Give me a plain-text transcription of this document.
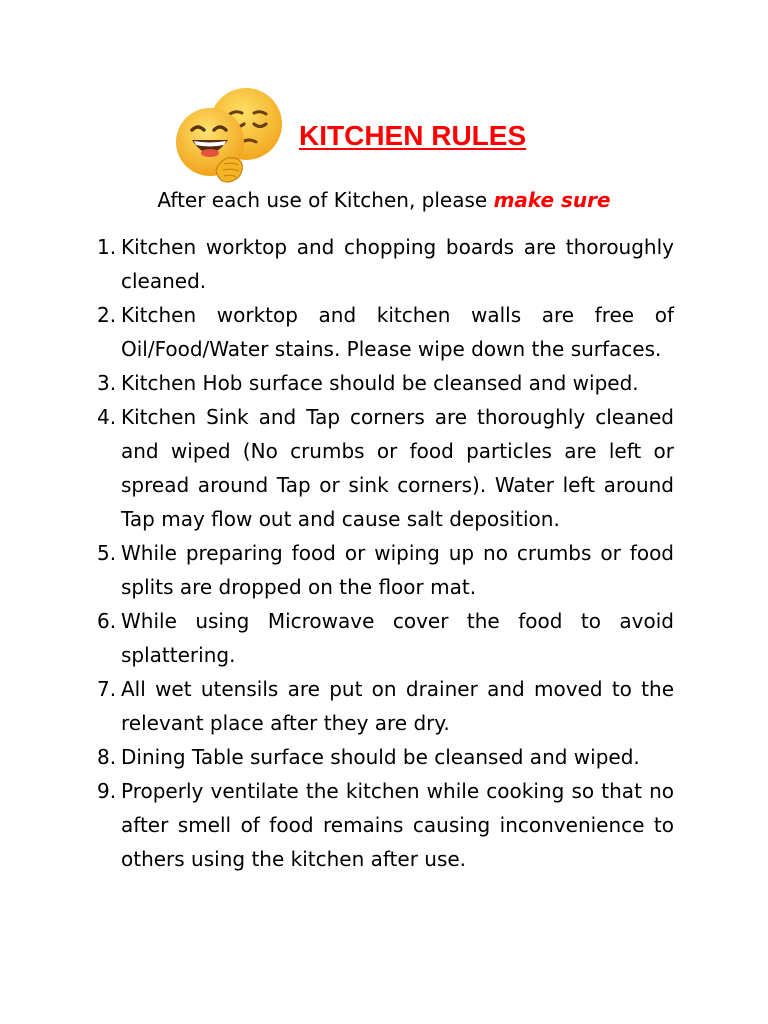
KITCHEN RULES
After each use of Kitchen, please make sure
1. Kitchen worktop and chopping boards are thoroughly cleaned.
2. Kitchen worktop and kitchen walls are free of Oil/Food/Water stains. Please wipe down the surfaces.
3. Kitchen Hob surface should be cleansed and wiped.
4. Kitchen Sink and Tap corners are thoroughly cleaned and wiped (No crumbs or food particles are left or spread around Tap or sink corners). Water left around Tap may flow out and cause salt deposition.
5. While preparing food or wiping up no crumbs or food splits are dropped on the floor mat.
6. While using Microwave cover the food to avoid splattering.
7. All wet utensils are put on drainer and moved to the relevant place after they are dry.
8. Dining Table surface should be cleansed and wiped.
9. Properly ventilate the kitchen while cooking so that no after smell of food remains causing inconvenience to others using the kitchen after use.
